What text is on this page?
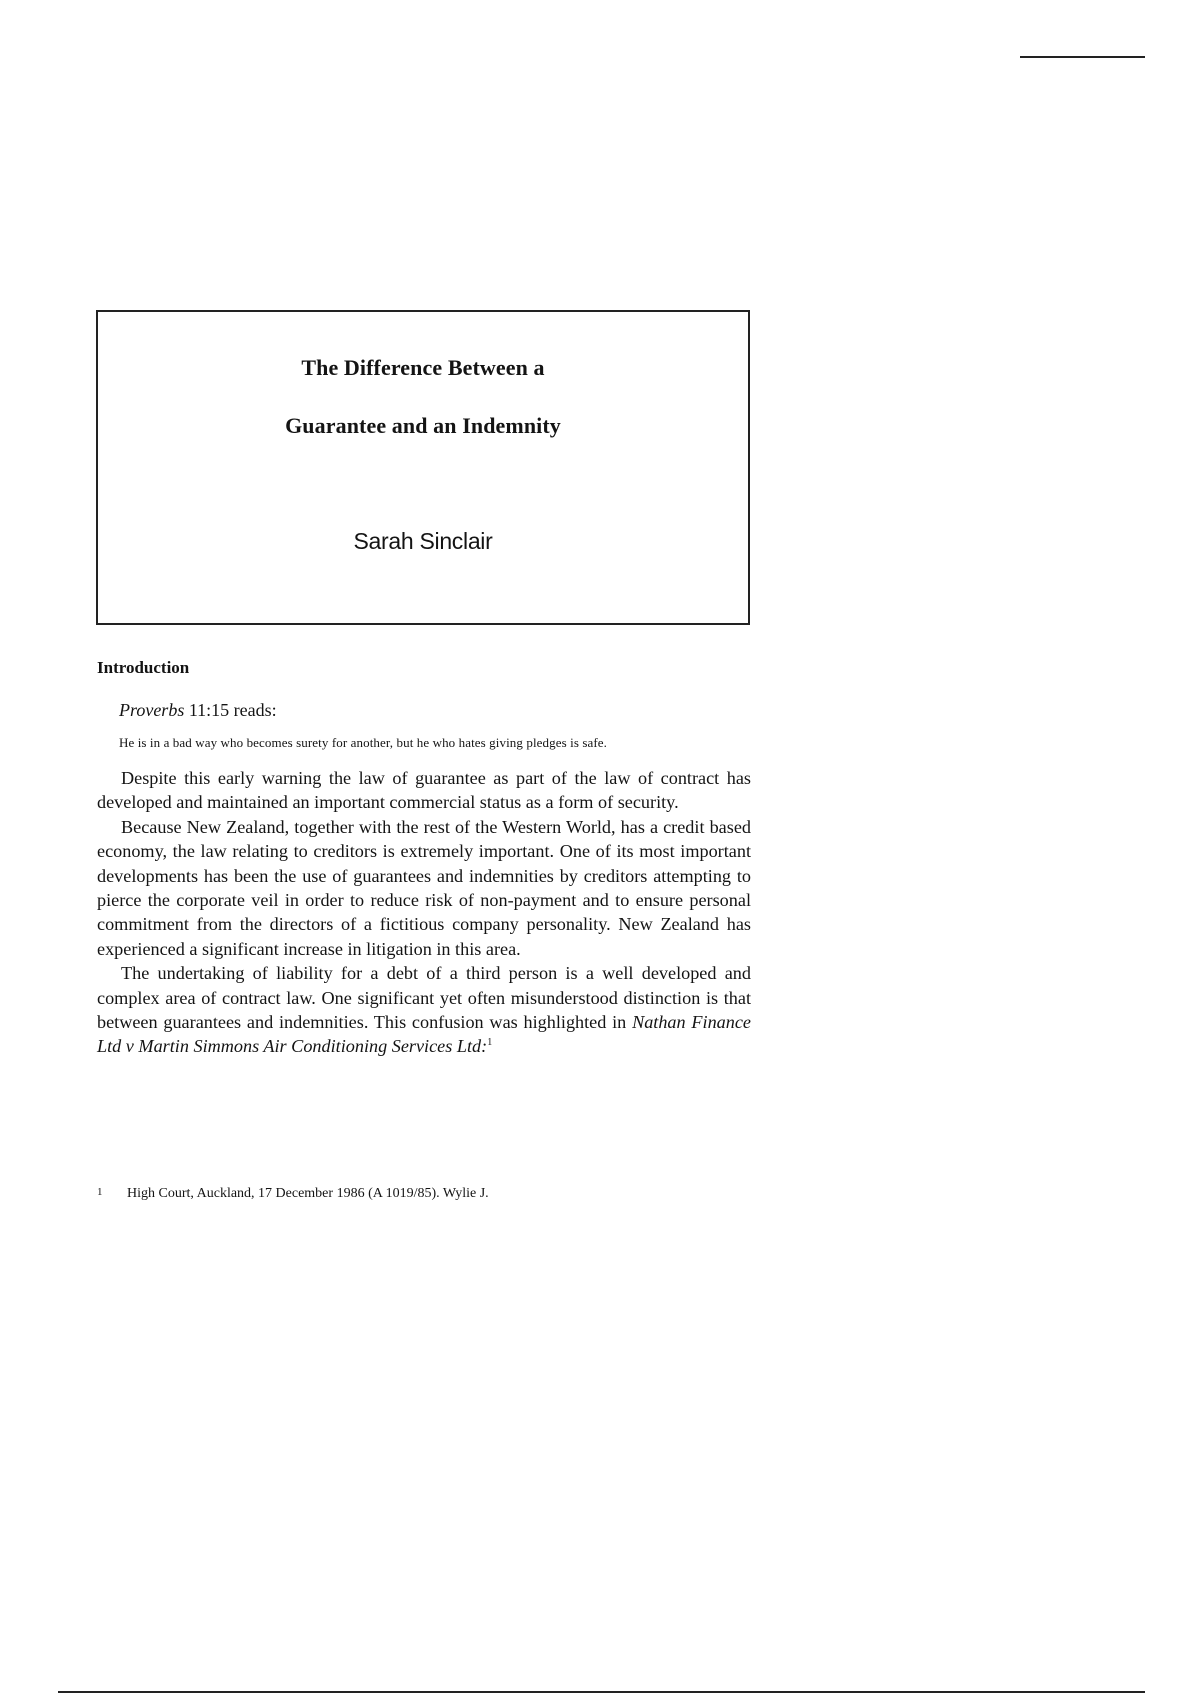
The Difference Between a
Guarantee and an Indemnity
Sarah Sinclair
Introduction
Proverbs 11:15 reads:
He is in a bad way who becomes surety for another, but he who hates giving pledges is safe.

Despite this early warning the law of guarantee as part of the law of contract has developed and maintained an important commercial status as a form of security.

Because New Zealand, together with the rest of the Western World, has a credit based economy, the law relating to creditors is extremely important. One of its most important developments has been the use of guarantees and indemnities by creditors attempting to pierce the corporate veil in order to reduce risk of non-payment and to ensure personal commitment from the directors of a fictitious company personality. New Zealand has experienced a significant increase in litigation in this area.

The undertaking of liability for a debt of a third person is a well developed and complex area of contract law. One significant yet often misunderstood distinction is that between guarantees and indemnities. This confusion was highlighted in Nathan Finance Ltd v Martin Simmons Air Conditioning Services Ltd:$^1$

1 High Court, Auckland, 17 December 1986 (A 1019/85). Wylie J.
